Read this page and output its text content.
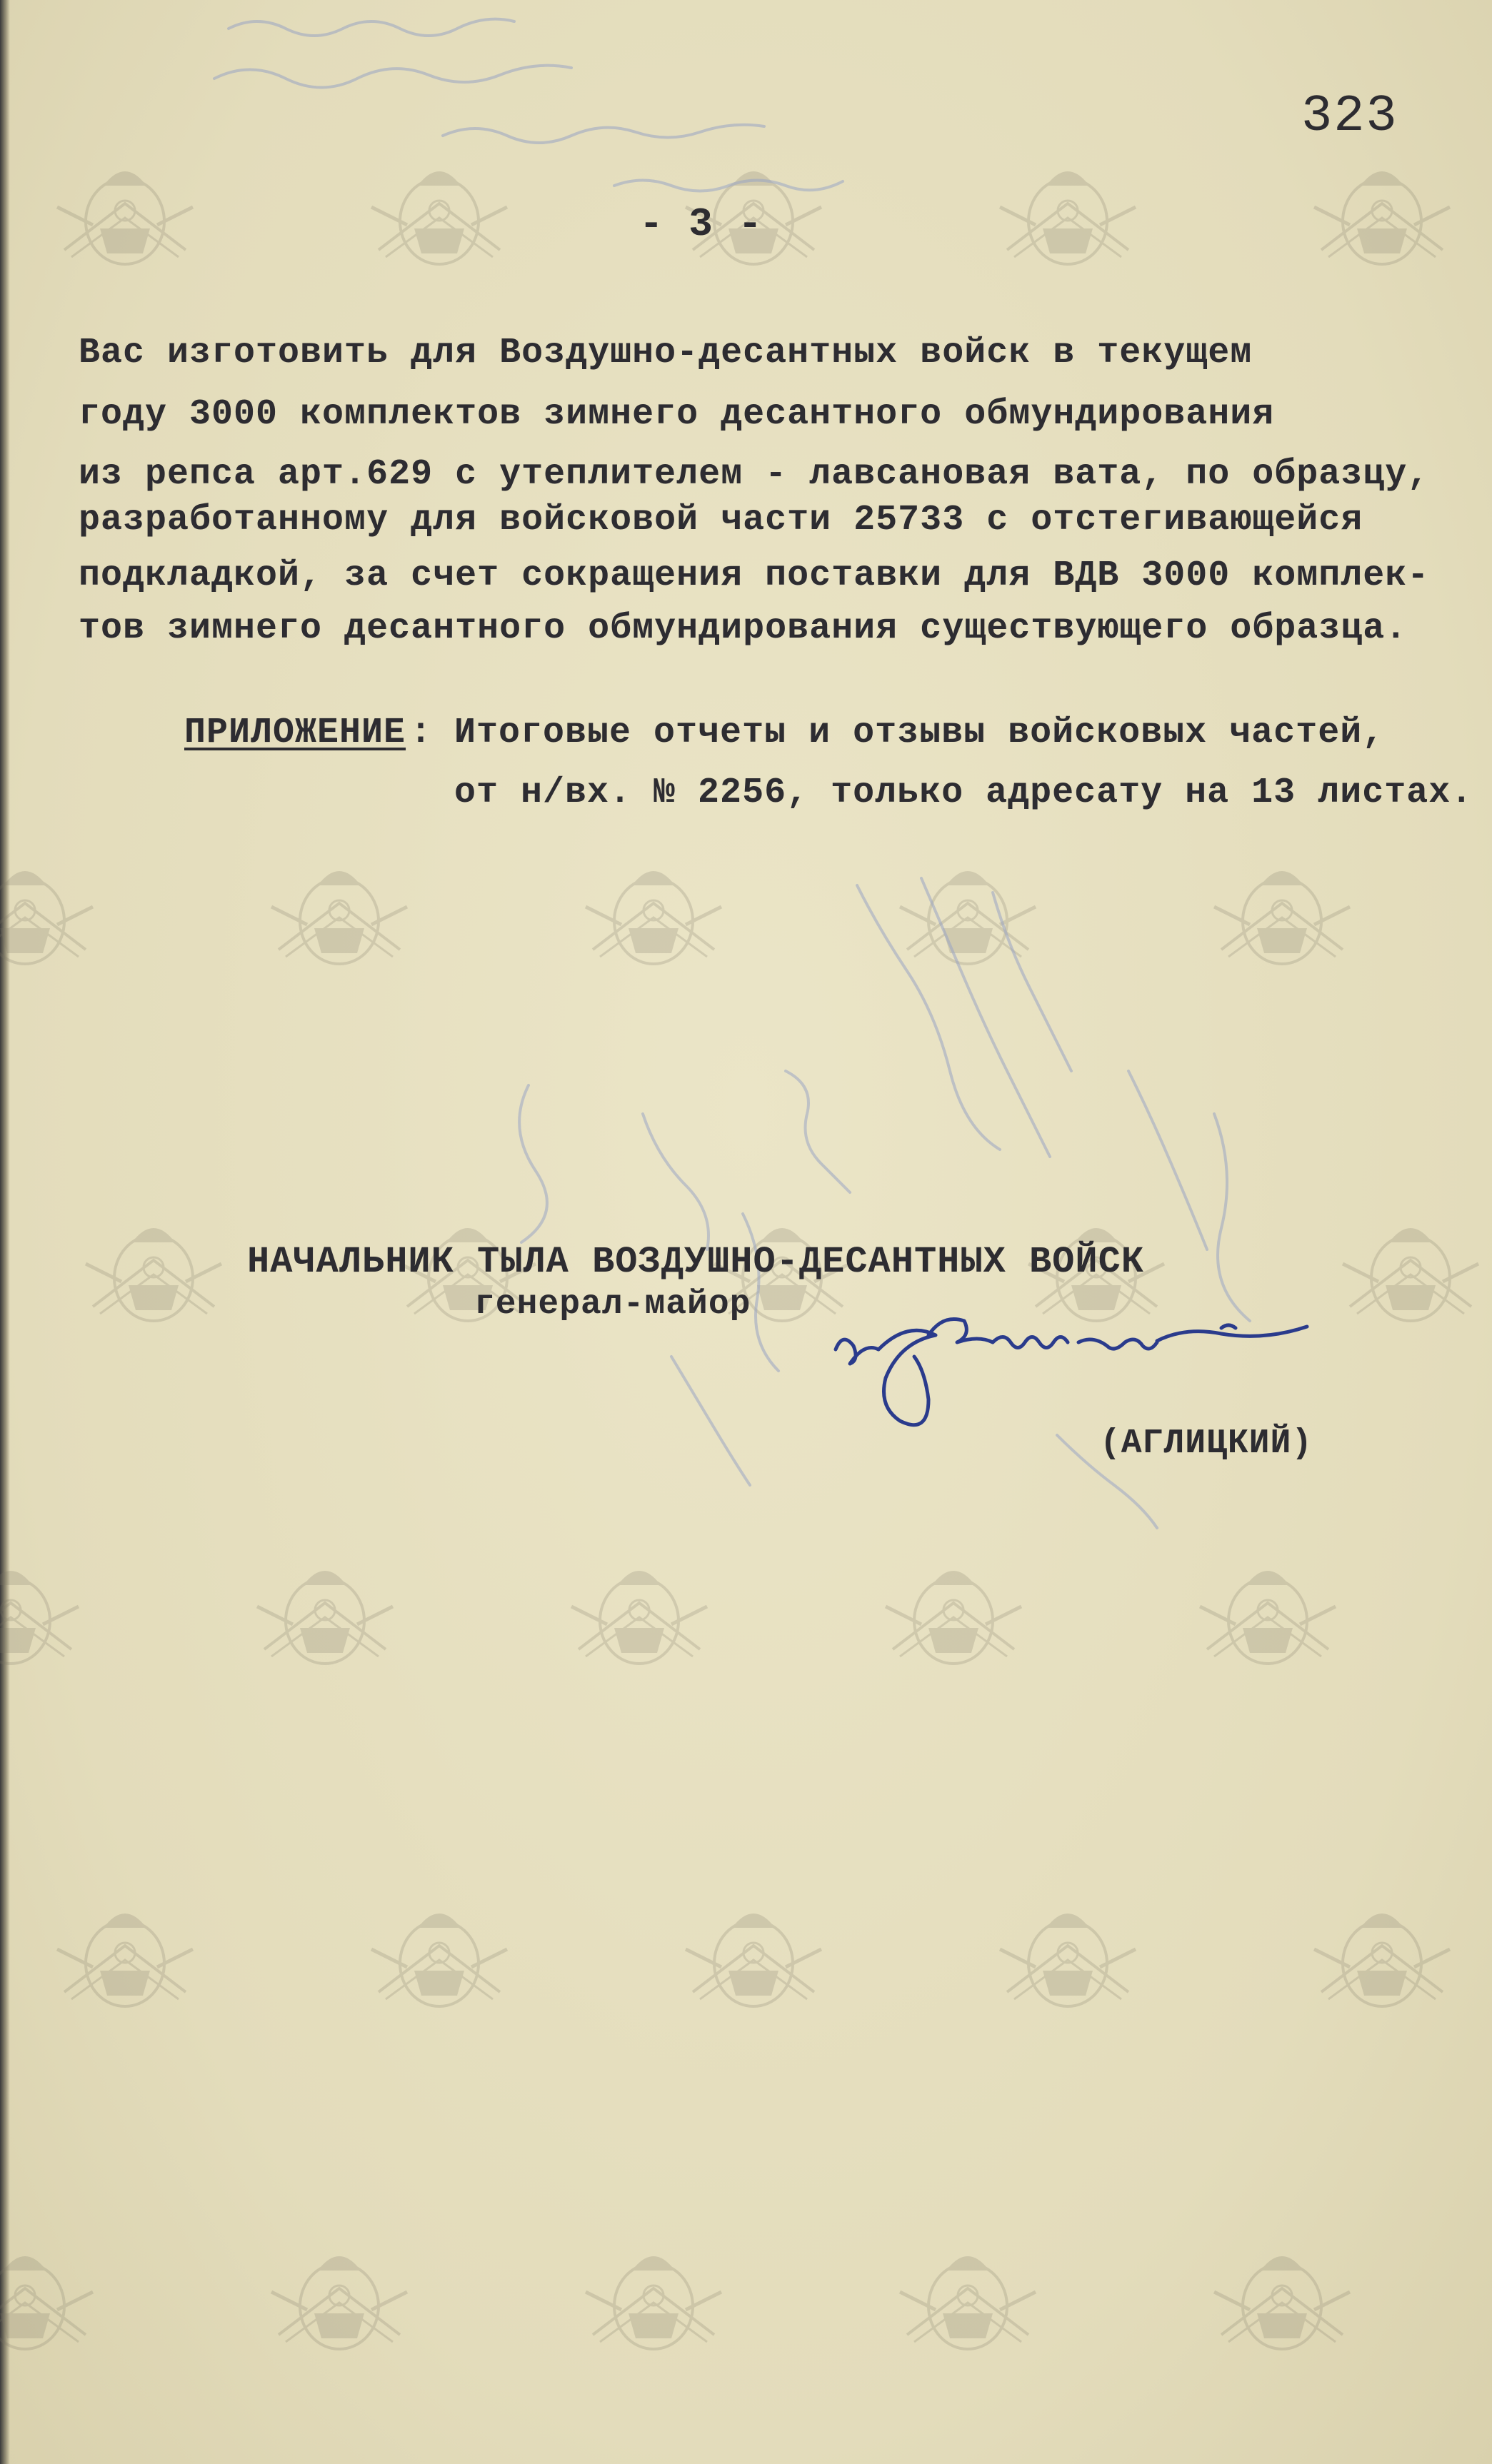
323
- 3 -
Вас изготовить для Воздушно-десантных войск в текущем
году 3000 комплектов зимнего десантного обмундирования
из репса арт.629 с утеплителем - лавсановая вата, по образцу,
разработанному для войсковой части 25733 с отстегивающейся
подкладкой, за счет сокращения поставки для ВДВ 3000 комплек-
тов зимнего десантного обмундирования существующего образца.
ПРИЛОЖЕНИЕ : Итоговые отчеты и отзывы войсковых частей,
от н/вх. № 2256, только адресату на 13 листах.
НАЧАЛЬНИК ТЫЛА ВОЗДУШНО-ДЕСАНТНЫХ ВОЙСК
генерал-майор
(АГЛИЦКИЙ)
